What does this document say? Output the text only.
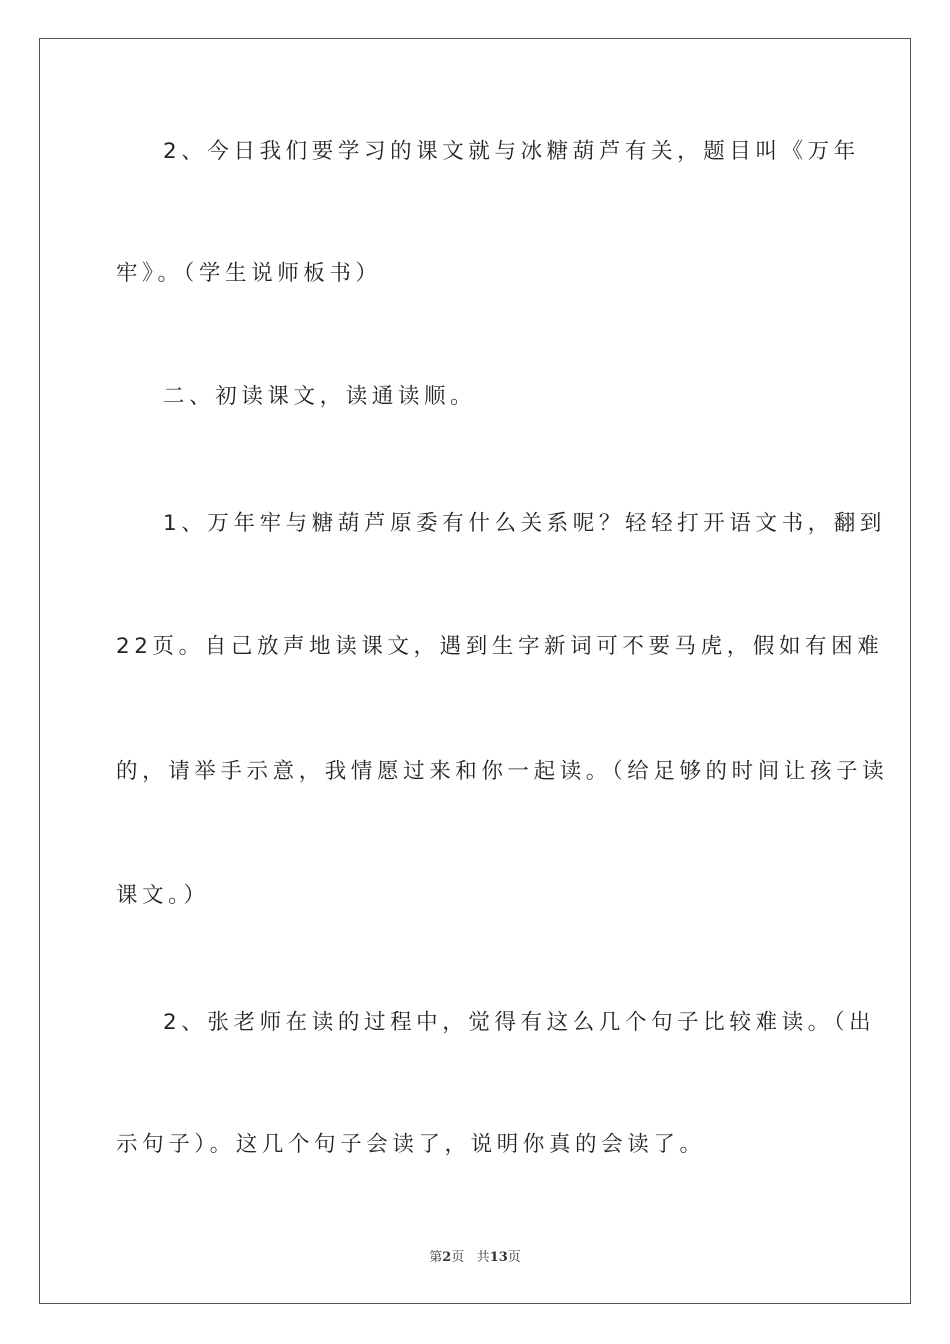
2、今日我们要学习的课文就与冰糖葫芦有关，题目叫《万年
牢》。（学生说师板书）
二、初读课文，读通读顺。
1、万年牢与糖葫芦原委有什么关系呢？轻轻打开语文书，翻到
22页。自己放声地读课文，遇到生字新词可不要马虎，假如有困难
的，请举手示意，我情愿过来和你一起读。（给足够的时间让孩子读
课文。）
2、张老师在读的过程中，觉得有这么几个句子比较难读。（出
示句子）。这几个句子会读了，说明你真的会读了。
第2页 共13页
